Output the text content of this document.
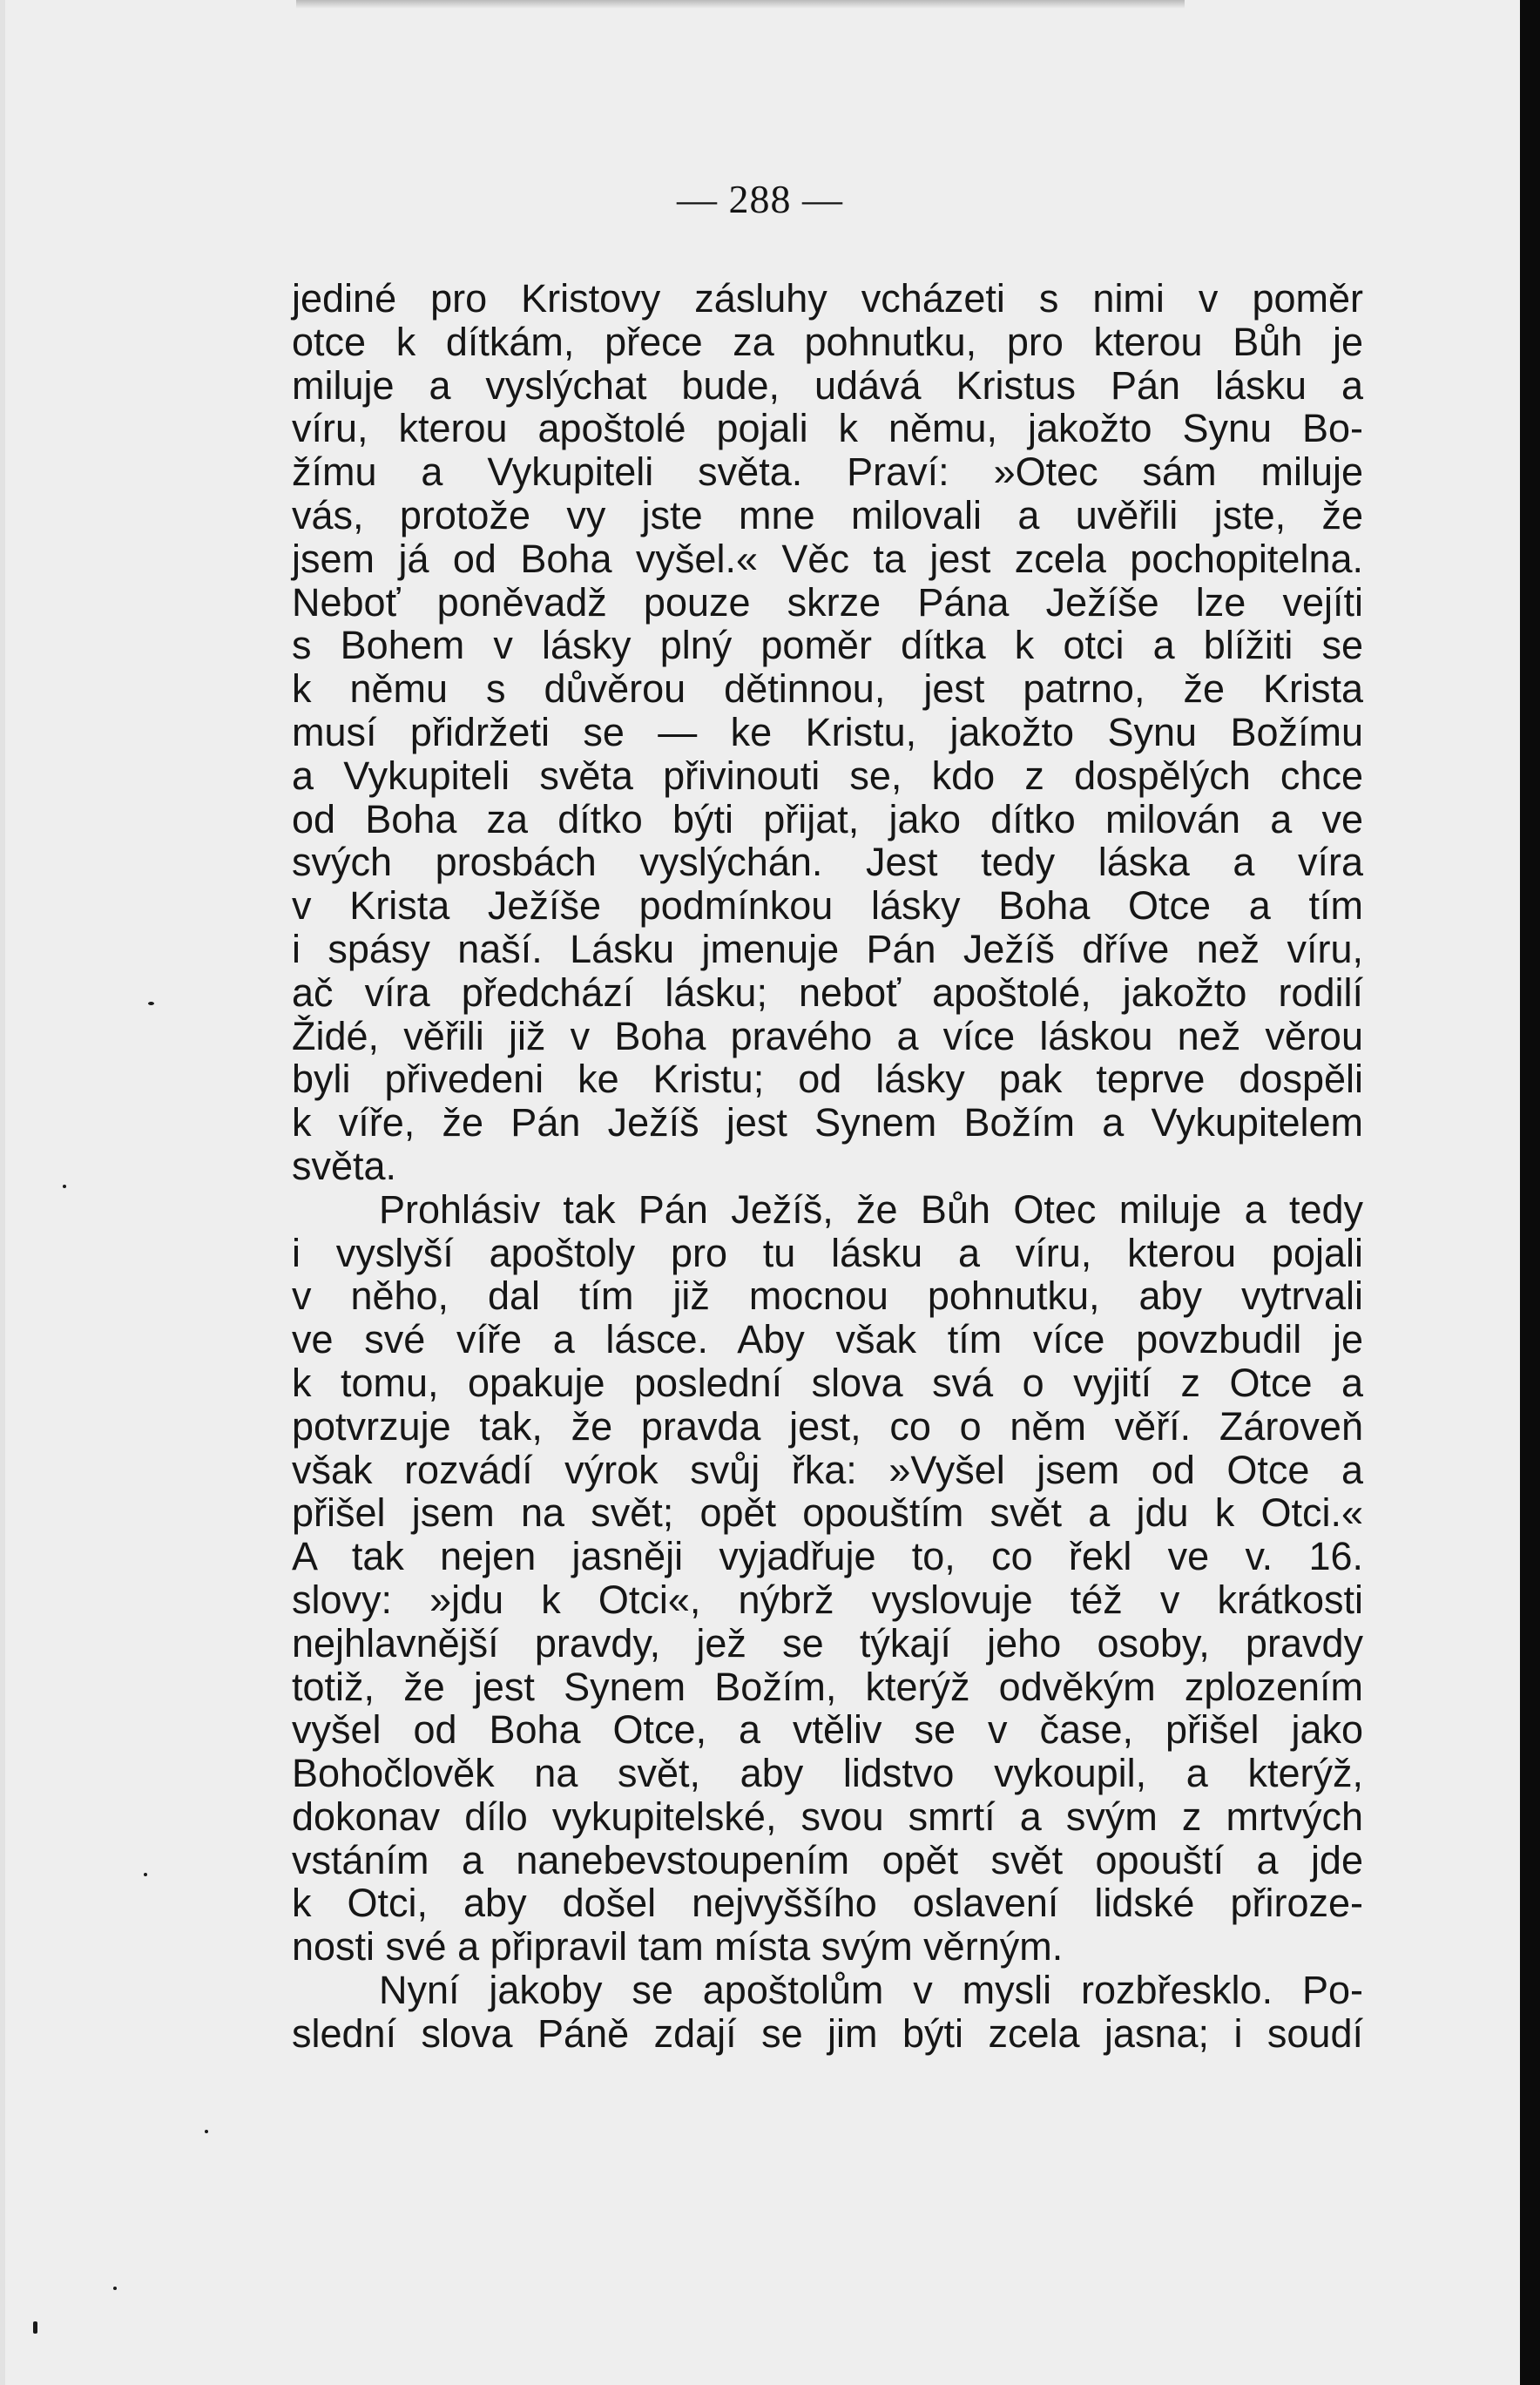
— 288 —
jediné pro Kristovy zásluhy vcházeti s nimi v poměr
otce k dítkám, přece za pohnutku, pro kterou Bůh je
miluje a vyslýchat bude, udává Kristus Pán lásku a
víru, kterou apoštolé pojali k němu, jakožto Synu Bo-
žímu a Vykupiteli světa. Praví: »Otec sám miluje
vás, protože vy jste mne milovali a uvěřili jste, že
jsem já od Boha vyšel.« Věc ta jest zcela pochopitelna.
Neboť poněvadž pouze skrze Pána Ježíše lze vejíti
s Bohem v lásky plný poměr dítka k otci a blížiti se
k němu s důvěrou dětinnou, jest patrno, že Krista
musí přidržeti se — ke Kristu, jakožto Synu Božímu
a Vykupiteli světa přivinouti se, kdo z dospělých chce
od Boha za dítko býti přijat, jako dítko milován a ve
svých prosbách vyslýchán. Jest tedy láska a víra
v Krista Ježíše podmínkou lásky Boha Otce a tím
i spásy naší. Lásku jmenuje Pán Ježíš dříve než víru,
ač víra předchází lásku; neboť apoštolé, jakožto rodilí
Židé, věřili již v Boha pravého a více láskou než věrou
byli přivedeni ke Kristu; od lásky pak teprve dospěli
k víře, že Pán Ježíš jest Synem Božím a Vykupitelem
světa.
Prohlásiv tak Pán Ježíš, že Bůh Otec miluje a tedy
i vyslyší apoštoly pro tu lásku a víru, kterou pojali
v něho, dal tím již mocnou pohnutku, aby vytrvali
ve své víře a lásce. Aby však tím více povzbudil je
k tomu, opakuje poslední slova svá o vyjití z Otce a
potvrzuje tak, že pravda jest, co o něm věří. Zároveň
však rozvádí výrok svůj řka: »Vyšel jsem od Otce a
přišel jsem na svět; opět opouštím svět a jdu k Otci.«
A tak nejen jasněji vyjadřuje to, co řekl ve v. 16.
slovy: »jdu k Otci«, nýbrž vyslovuje též v krátkosti
nejhlavnější pravdy, jež se týkají jeho osoby, pravdy
totiž, že jest Synem Božím, kterýž odvěkým zplozením
vyšel od Boha Otce, a vtěliv se v čase, přišel jako
Bohočlověk na svět, aby lidstvo vykoupil, a kterýž,
dokonav dílo vykupitelské, svou smrtí a svým z mrtvých
vstáním a nanebevstoupením opět svět opouští a jde
k Otci, aby došel nejvyššího oslavení lidské přiroze-
nosti své a připravil tam místa svým věrným.
Nyní jakoby se apoštolům v mysli rozbřesklo. Po-
slední slova Páně zdají se jim býti zcela jasna; i soudí
